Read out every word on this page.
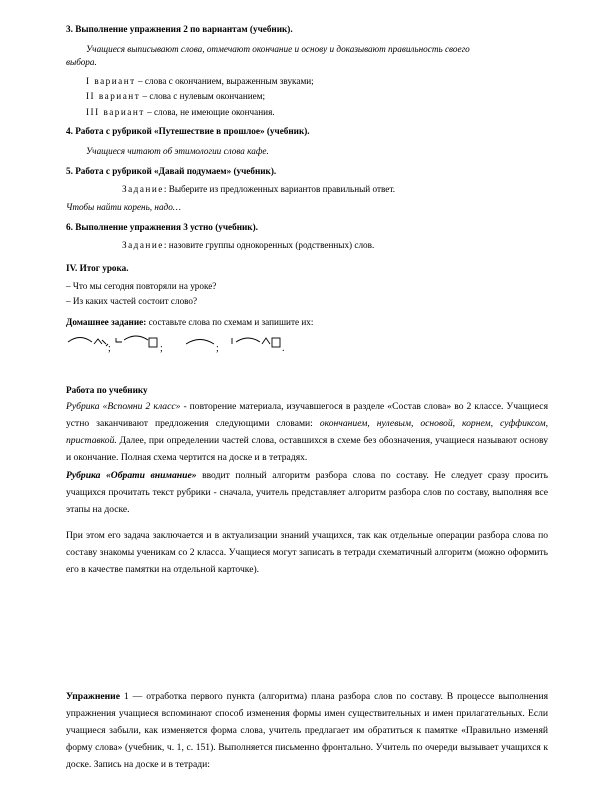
3. Выполнение упражнения 2 по вариантам (учебник).
Учащиеся выписывают слова, отмечают окончание и основу и доказывают правильность своего
выбора.
I вариант – слова с окончанием, выраженным звуками;
II вариант – слова с нулевым окончанием;
III вариант – слова, не имеющие окончания.
4. Работа с рубрикой «Путешествие в прошлое» (учебник).
Учащиеся читают об этимологии слова кафе.
5. Работа с рубрикой «Давай подумаем» (учебник).
Задание: Выберите из предложенных вариантов правильный ответ.
Чтобы найти корень, надо…
6. Выполнение упражнения 3 устно (учебник).
Задание: назовите группы однокоренных (родственных) слов.
IV. Итог урока.
– Что мы сегодня повторяли на уроке?
– Из каких частей состоит слово?
Домашнее задание: составьте слова по схемам и запишите их:
;	;	;	.
Работа по учебнику
Рубрика «Вспомни 2 класс» - повторение материала, изучавшегося в разделе «Состав слова» во 2 классе. Учащиеся устно заканчивают предложения следующими словами: окончанием, нулевым, основой, корнем, суффиксом, приставкой. Далее, при определении частей слова, оставшихся в схеме без обозначения, учащиеся называют основу и окончание. Полная схема чертится на доске и в тетрадях.
Рубрика «Обрати внимание» вводит полный алгоритм разбора слова по составу. Не следует сразу просить учащихся прочитать текст рубрики - сначала, учитель представляет алгоритм разбора слов по составу, выполняя все этапы на доске.
При этом его задача заключается и в актуализации знаний учащихся, так как отдельные операции разбора слова по составу знакомы ученикам со 2 класса. Учащиеся могут записать в тетради схематичный алгоритм (можно оформить его в качестве памятки на отдельной карточке).
Упражнение 1 — отработка первого пункта (алгоритма) плана разбора слов по составу. В процессе выполнения упражнения учащиеся вспоминают способ изменения формы имен существительных и имен прилагательных. Если учащиеся забыли, как изменяется форма слова, учитель предлагает им обратиться к памятке «Правильно изменяй форму слова» (учебник, ч. 1, с. 151). Выполняется письменно фронтально. Учитель по очереди вызывает учащихся к доске. Запись на доске и в тетради:
